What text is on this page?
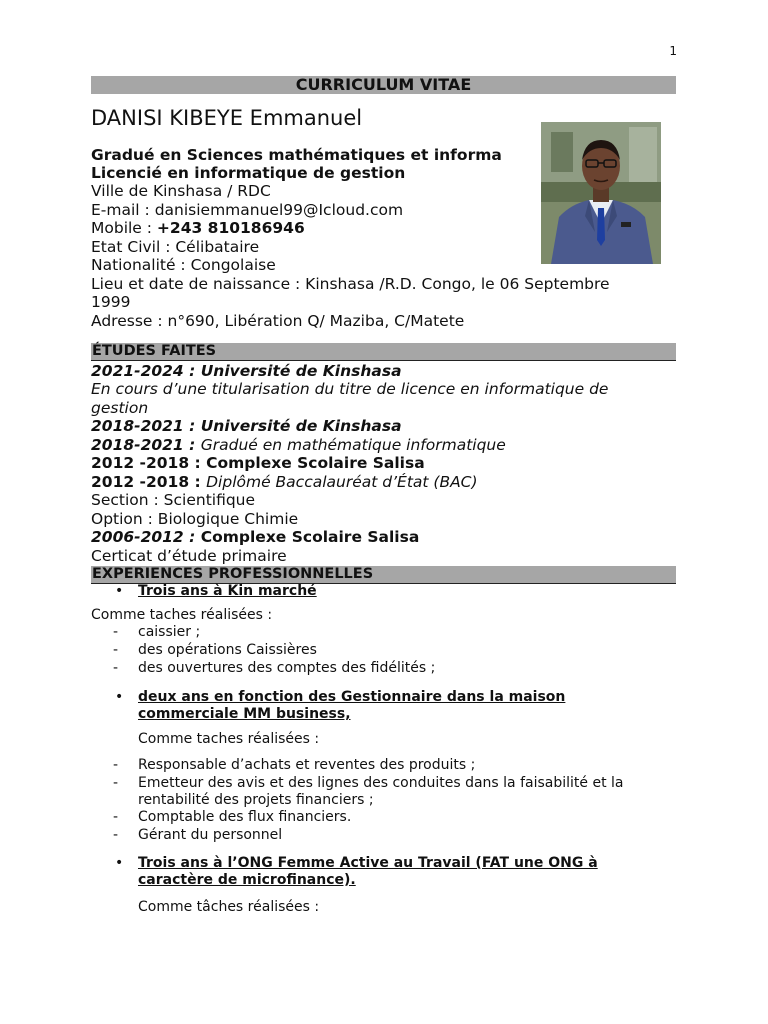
1
CURRICULUM VITAE
DANISI KIBEYE Emmanuel
Gradué en Sciences mathématiques et informa
Licencié en informatique de gestion
Ville de Kinshasa / RDC
E-mail : danisiemmanuel99@Icloud.com
Mobile : +243 810186946
Etat Civil : Célibataire
Nationalité : Congolaise
Lieu et date de naissance : Kinshasa /R.D. Congo, le 06 Septembre
1999
Adresse : n°690, Libération Q/ Maziba, C/Matete
ÉTUDES FAITES
2021-2024 : Université de Kinshasa
En cours d’une titularisation du titre de licence en informatique de
gestion
2018-2021 : Université de Kinshasa
2018-2021 : Gradué en mathématique informatique
2012 -2018 : Complexe Scolaire Salisa
2012 -2018 : Diplômé Baccalauréat d’État (BAC)
Section : Scientifique
Option : Biologique Chimie
2006-2012 : Complexe Scolaire Salisa
Certicat d’étude primaire
EXPERIENCES PROFESSIONNELLES
• Trois ans à Kin marché
Comme taches réalisées :
- caissier ;
- des opérations Caissières
- des ouvertures des comptes des fidélités ;
• deux ans en fonction des Gestionnaire dans la maison
commerciale MM business,
Comme taches réalisées :
- Responsable d’achats et reventes des produits ;
- Emetteur des avis et des lignes des conduites dans la faisabilité et la
rentabilité des projets financiers ;
- Comptable des flux financiers.
- Gérant du personnel
• Trois ans à l’ONG Femme Active au Travail (FAT une ONG à
caractère de microfinance).
Comme tâches réalisées :
